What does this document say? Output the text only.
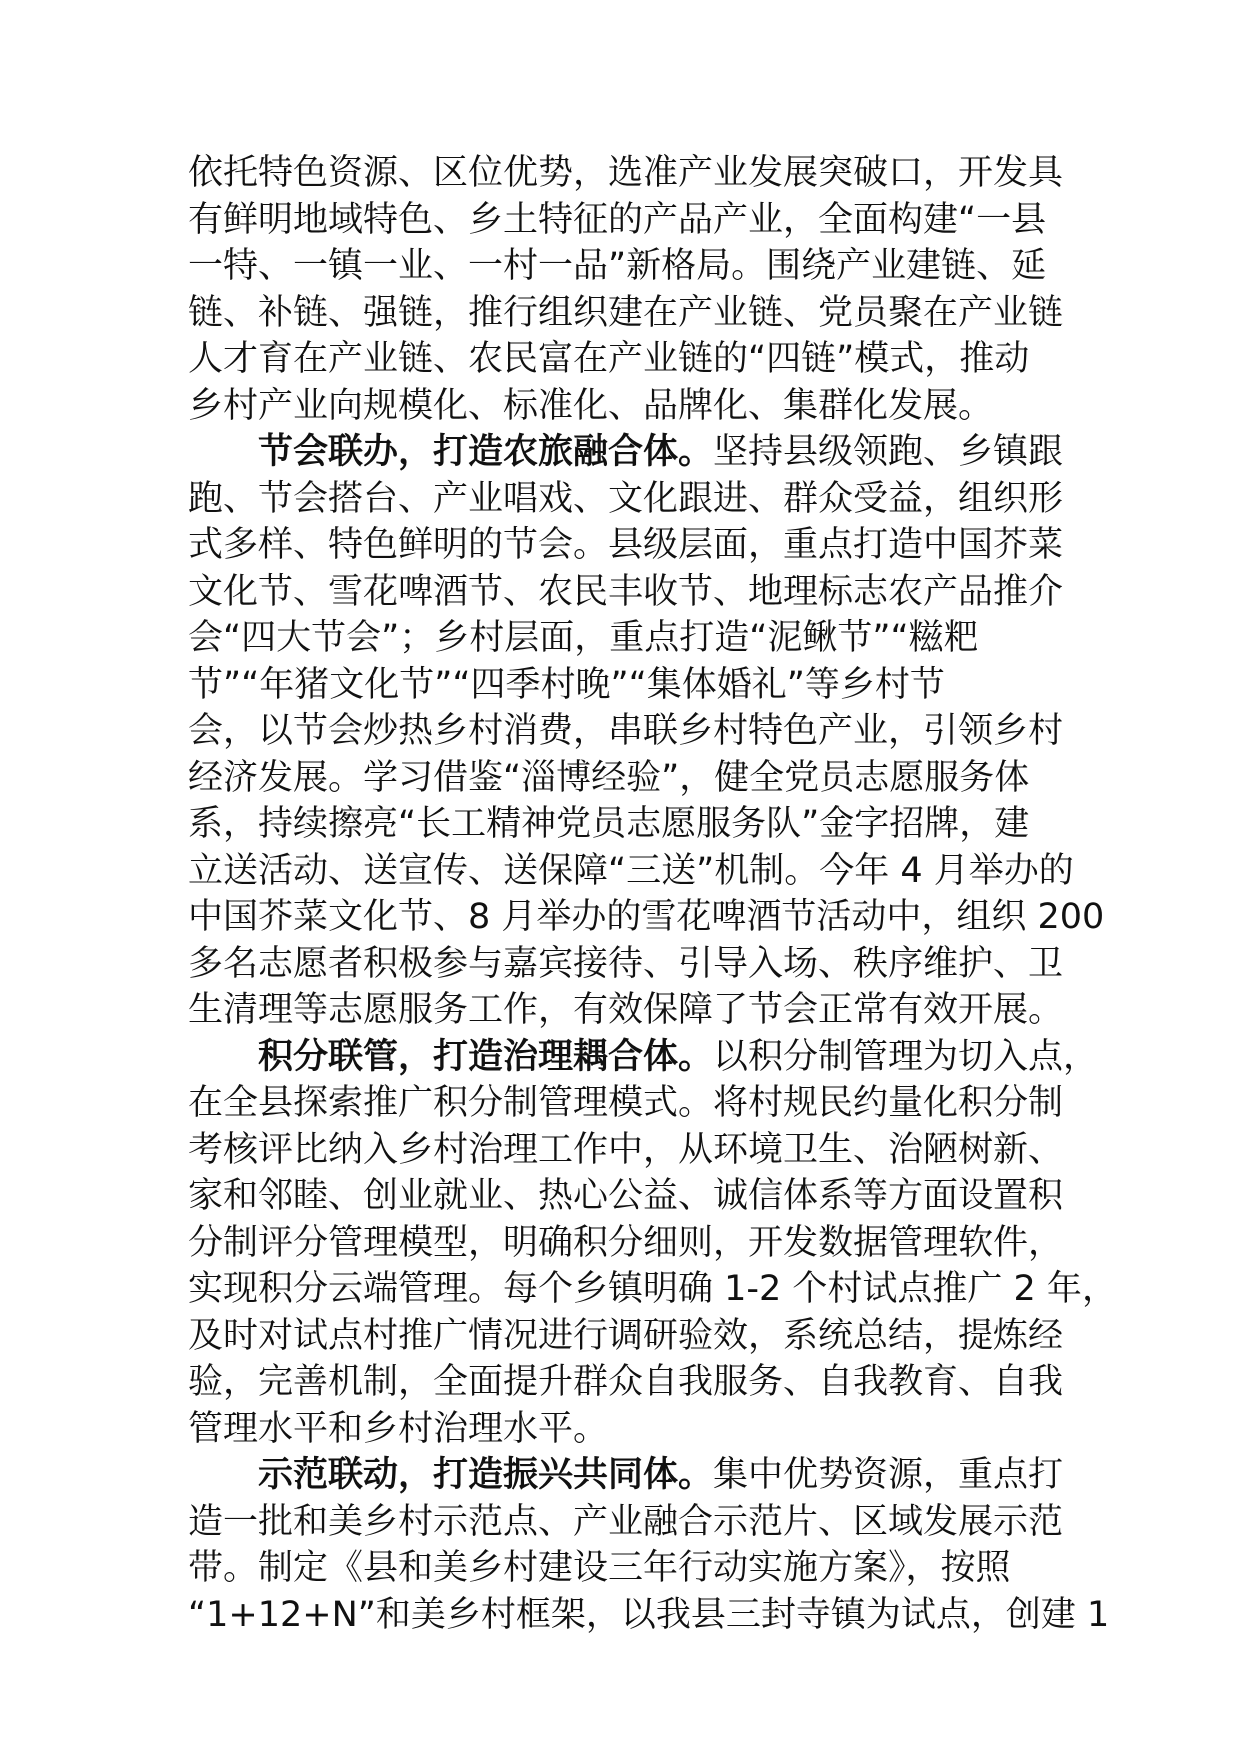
依托特色资源、区位优势，选准产业发展突破口，开发具
有鲜明地域特色、乡土特征的产品产业，全面构建“一县
一特、一镇一业、一村一品”新格局。围绕产业建链、延
链、补链、强链，推行组织建在产业链、党员聚在产业链
人才育在产业链、农民富在产业链的“四链”模式，推动
乡村产业向规模化、标准化、品牌化、集群化发展。

节会联办，打造农旅融合体。坚持县级领跑、乡镇跟
跑、节会搭台、产业唱戏、文化跟进、群众受益，组织形
式多样、特色鲜明的节会。县级层面，重点打造中国芥菜
文化节、雪花啤酒节、农民丰收节、地理标志农产品推介
会“四大节会”；乡村层面，重点打造“泥鳅节”“糍粑
节”“年猪文化节”“四季村晚”“集体婚礼”等乡村节
会，以节会炒热乡村消费，串联乡村特色产业，引领乡村
经济发展。学习借鉴“淄博经验”，健全党员志愿服务体
系，持续擦亮“长工精神党员志愿服务队”金字招牌，建
立送活动、送宣传、送保障“三送”机制。今年 4 月举办的
中国芥菜文化节、8 月举办的雪花啤酒节活动中，组织 200
多名志愿者积极参与嘉宾接待、引导入场、秩序维护、卫
生清理等志愿服务工作，有效保障了节会正常有效开展。

积分联管，打造治理耦合体。以积分制管理为切入点，
在全县探索推广积分制管理模式。将村规民约量化积分制
考核评比纳入乡村治理工作中，从环境卫生、治陋树新、
家和邻睦、创业就业、热心公益、诚信体系等方面设置积
分制评分管理模型，明确积分细则，开发数据管理软件，
实现积分云端管理。每个乡镇明确 1-2 个村试点推广 2 年，
及时对试点村推广情况进行调研验效，系统总结，提炼经
验，完善机制，全面提升群众自我服务、自我教育、自我
管理水平和乡村治理水平。

示范联动，打造振兴共同体。集中优势资源，重点打
造一批和美乡村示范点、产业融合示范片、区域发展示范
带。制定《县和美乡村建设三年行动实施方案》，按照
“1+12+N”和美乡村框架，以我县三封寺镇为试点，创建 1
